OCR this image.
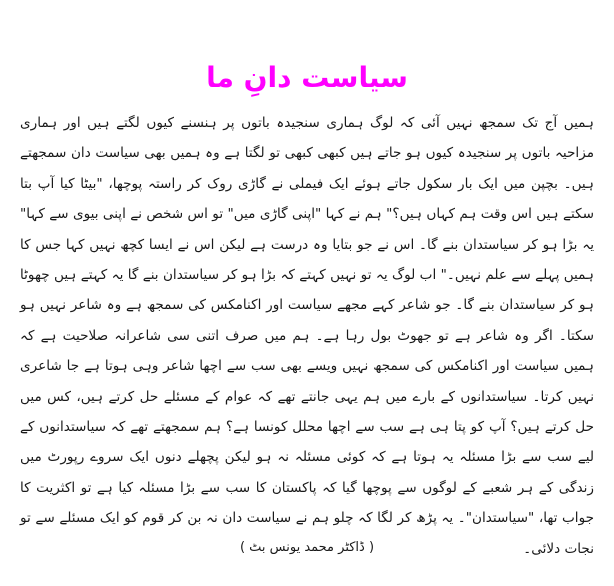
سیاست دانِ ما

ہمیں آج تک سمجھ نہیں آئی کہ لوگ ہماری سنجیدہ باتوں پر ہنسنے کیوں لگتے ہیں اور ہماری مزاحیہ باتوں پر سنجیدہ کیوں ہو جاتے ہیں کبھی کبھی تو لگتا ہے وہ ہمیں بھی سیاست دان سمجھتے ہیں۔ بچپن میں ایک بار سکول جاتے ہوئے ایک فیملی نے گاڑی روک کر راستہ پوچھا، "بیٹا کیا آپ بتا سکتے ہیں اس وقت ہم کہاں ہیں؟" ہم نے کہا "اپنی گاڑی میں" تو اس شخص نے اپنی بیوی سے کہا" یہ بڑا ہو کر سیاستدان بنے گا۔ اس نے جو بتایا وہ درست ہے لیکن اس نے ایسا کچھ نہیں کہا جس کا ہمیں پہلے سے علم نہیں۔" اب لوگ یہ تو نہیں کہتے کہ بڑا ہو کر سیاستدان بنے گا یہ کہتے ہیں چھوٹا ہو کر سیاستدان بنے گا۔ جو شاعر کہے مجھے سیاست اور اکنامکس کی سمجھ ہے وہ شاعر نہیں ہو سکتا۔ اگر وہ شاعر ہے تو جھوٹ بول رہا ہے۔ ہم میں صرف اتنی سی شاعرانہ صلاحیت ہے کہ ہمیں سیاست اور اکنامکس کی سمجھ نہیں ویسے بھی سب سے اچھا شاعر وہی ہوتا ہے جا شاعری نہیں کرتا۔ سیاستدانوں کے بارے میں ہم یہی جانتے تھے کہ عوام کے مسئلے حل کرتے ہیں، کس میں حل کرتے ہیں؟ آپ کو پتا ہی ہے سب سے اچھا محلل کونسا ہے؟ ہم سمجھتے تھے کہ سیاستدانوں کے لیے سب سے بڑا مسئلہ یہ ہوتا ہے کہ کوئی مسئلہ نہ ہو لیکن پچھلے دنوں ایک سروے رپورٹ میں زندگی کے ہر شعبے کے لوگوں سے پوچھا گیا کہ پاکستان کا سب سے بڑا مسئلہ کیا ہے تو اکثریت کا جواب تھا، "سیاستدان"۔ یہ پڑھ کر لگا کہ چلو ہم نے سیاست دان نہ بن کر قوم کو ایک مسئلے سے تو نجات دلائی۔

( ڈاکٹر محمد یونس بٹ )
